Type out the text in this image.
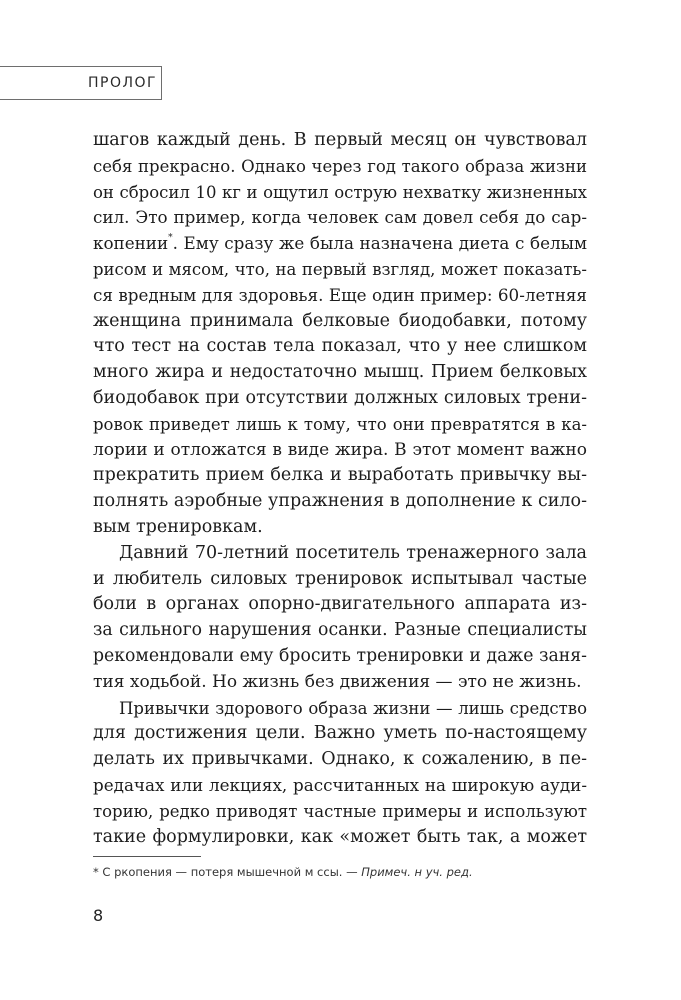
ПРОЛОГ
шагов каждый день. В первый месяц он чувствовал
себя прекрасно. Однако через год такого образа жизни
он сбросил 10 кг и ощутил острую нехватку жизненных
сил. Это пример, когда человек сам довел себя до сар-
копении*. Ему сразу же была назначена диета с белым
рисом и мясом, что, на первый взгляд, может показать-
ся вредным для здоровья. Еще один пример: 60-летняя
женщина принимала белковые биодобавки, потому
что тест на состав тела показал, что у нее слишком
много жира и недостаточно мышц. Прием белковых
биодобавок при отсутствии должных силовых трени-
ровок приведет лишь к тому, что они превратятся в ка-
лории и отложатся в виде жира. В этот момент важно
прекратить прием белка и выработать привычку вы-
полнять аэробные упражнения в дополнение к сило-
вым тренировкам.
Давний 70-летний посетитель тренажерного зала
и любитель силовых тренировок испытывал частые
боли в органах опорно-двигательного аппарата из-
за сильного нарушения осанки. Разные специалисты
рекомендовали ему бросить тренировки и даже заня-
тия ходьбой. Но жизнь без движения — это не жизнь.
Привычки здорового образа жизни — лишь средство
для достижения цели. Важно уметь по-настоящему
делать их привычками. Однако, к сожалению, в пе-
редачах или лекциях, рассчитанных на широкую ауди-
торию, редко приводят частные примеры и используют
такие формулировки, как «может быть так, а может
* С ркопения — потеря мышечной м ссы. — Примеч. н уч. ред.
8
